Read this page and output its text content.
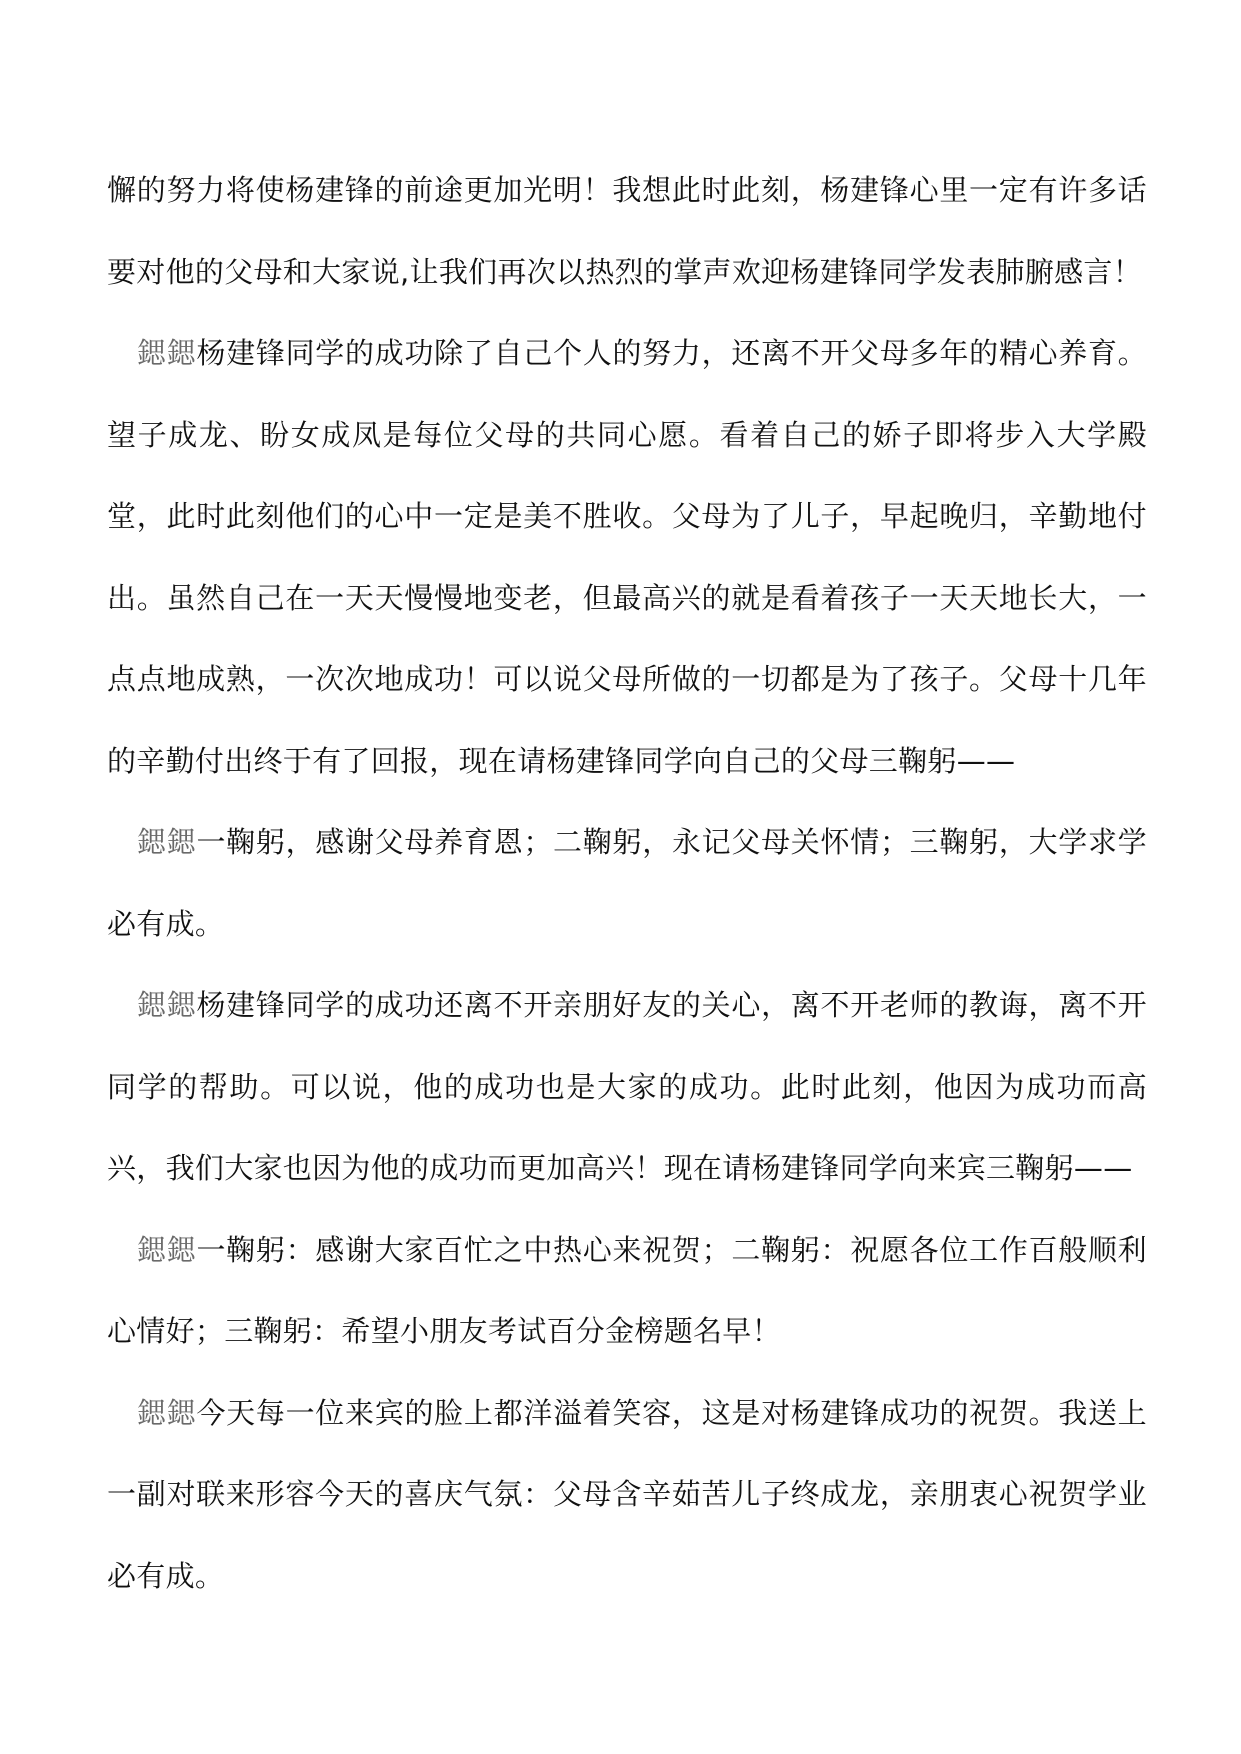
懈的努力将使杨建锋的前途更加光明！我想此时此刻，杨建锋心里一定有许多话要对他的父母和大家说,让我们再次以热烈的掌声欢迎杨建锋同学发表肺腑感言！

鍶鍶杨建锋同学的成功除了自己个人的努力，还离不开父母多年的精心养育。望子成龙、盼女成凤是每位父母的共同心愿。看着自己的娇子即将步入大学殿堂，此时此刻他们的心中一定是美不胜收。父母为了儿子，早起晚归，辛勤地付出。虽然自己在一天天慢慢地变老，但最高兴的就是看着孩子一天天地长大，一点点地成熟，一次次地成功！可以说父母所做的一切都是为了孩子。父母十几年的辛勤付出终于有了回报，现在请杨建锋同学向自己的父母三鞠躬——

鍶鍶一鞠躬，感谢父母养育恩；二鞠躬，永记父母关怀情；三鞠躬，大学求学必有成。

鍶鍶杨建锋同学的成功还离不开亲朋好友的关心，离不开老师的教诲，离不开同学的帮助。可以说，他的成功也是大家的成功。此时此刻，他因为成功而高兴，我们大家也因为他的成功而更加高兴！现在请杨建锋同学向来宾三鞠躬——

鍶鍶一鞠躬：感谢大家百忙之中热心来祝贺；二鞠躬：祝愿各位工作百般顺利心情好；三鞠躬：希望小朋友考试百分金榜题名早！

鍶鍶今天每一位来宾的脸上都洋溢着笑容，这是对杨建锋成功的祝贺。我送上一副对联来形容今天的喜庆气氛：父母含辛茹苦儿子终成龙，亲朋衷心祝贺学业必有成。
